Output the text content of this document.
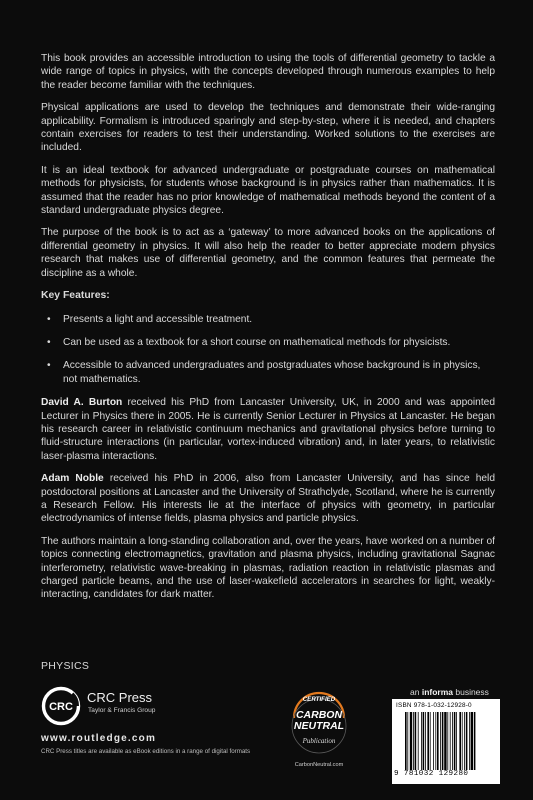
This book provides an accessible introduction to using the tools of differential geometry to tackle a wide range of topics in physics, with the concepts developed through numerous examples to help the reader become familiar with the techniques.

Physical applications are used to develop the techniques and demonstrate their wide-ranging applicability. Formalism is introduced sparingly and step-by-step, where it is needed, and chapters contain exercises for readers to test their understanding. Worked solutions to the exercises are included.

It is an ideal textbook for advanced undergraduate or postgraduate courses on mathematical methods for physicists, for students whose background is in physics rather than mathematics. It is assumed that the reader has no prior knowledge of mathematical methods beyond the content of a standard undergraduate physics degree.

The purpose of the book is to act as a ‘gateway’ to more advanced books on the applications of differential geometry in physics. It will also help the reader to better appreciate modern physics research that makes use of differential geometry, and the common features that permeate the discipline as a whole.

Key Features:
• Presents a light and accessible treatment.
• Can be used as a textbook for a short course on mathematical methods for physicists.
• Accessible to advanced undergraduates and postgraduates whose background is in physics, not mathematics.

David A. Burton received his PhD from Lancaster University, UK, in 2000 and was appointed Lecturer in Physics there in 2005. He is currently Senior Lecturer in Physics at Lancaster. He began his research career in relativistic continuum mechanics and gravitational physics before turning to fluid-structure interactions (in particular, vortex-induced vibration) and, in later years, to relativistic laser-plasma interactions.

Adam Noble received his PhD in 2006, also from Lancaster University, and has since held postdoctoral positions at Lancaster and the University of Strathclyde, Scotland, where he is currently a Research Fellow. His interests lie at the interface of physics with geometry, in particular electrodynamics of intense fields, plasma physics and particle physics.

The authors maintain a long-standing collaboration and, over the years, have worked on a number of topics connecting electromagnetics, gravitation and plasma physics, including gravitational Sagnac interferometry, relativistic wave-breaking in plasmas, radiation reaction in relativistic plasmas and charged particle beams, and the use of laser-wakefield accelerators in searches for light, weakly-interacting, candidates for dark matter.

PHYSICS
CRC
CRC Press
Taylor & Francis Group
www.routledge.com
CRC Press titles are available as eBook editions in a range of digital formats
CERTIFIED
CARBON
NEUTRAL
Publication
CarbonNeutral.com
an informa business
ISBN 978-1-032-12928-0
9 781032 129280
